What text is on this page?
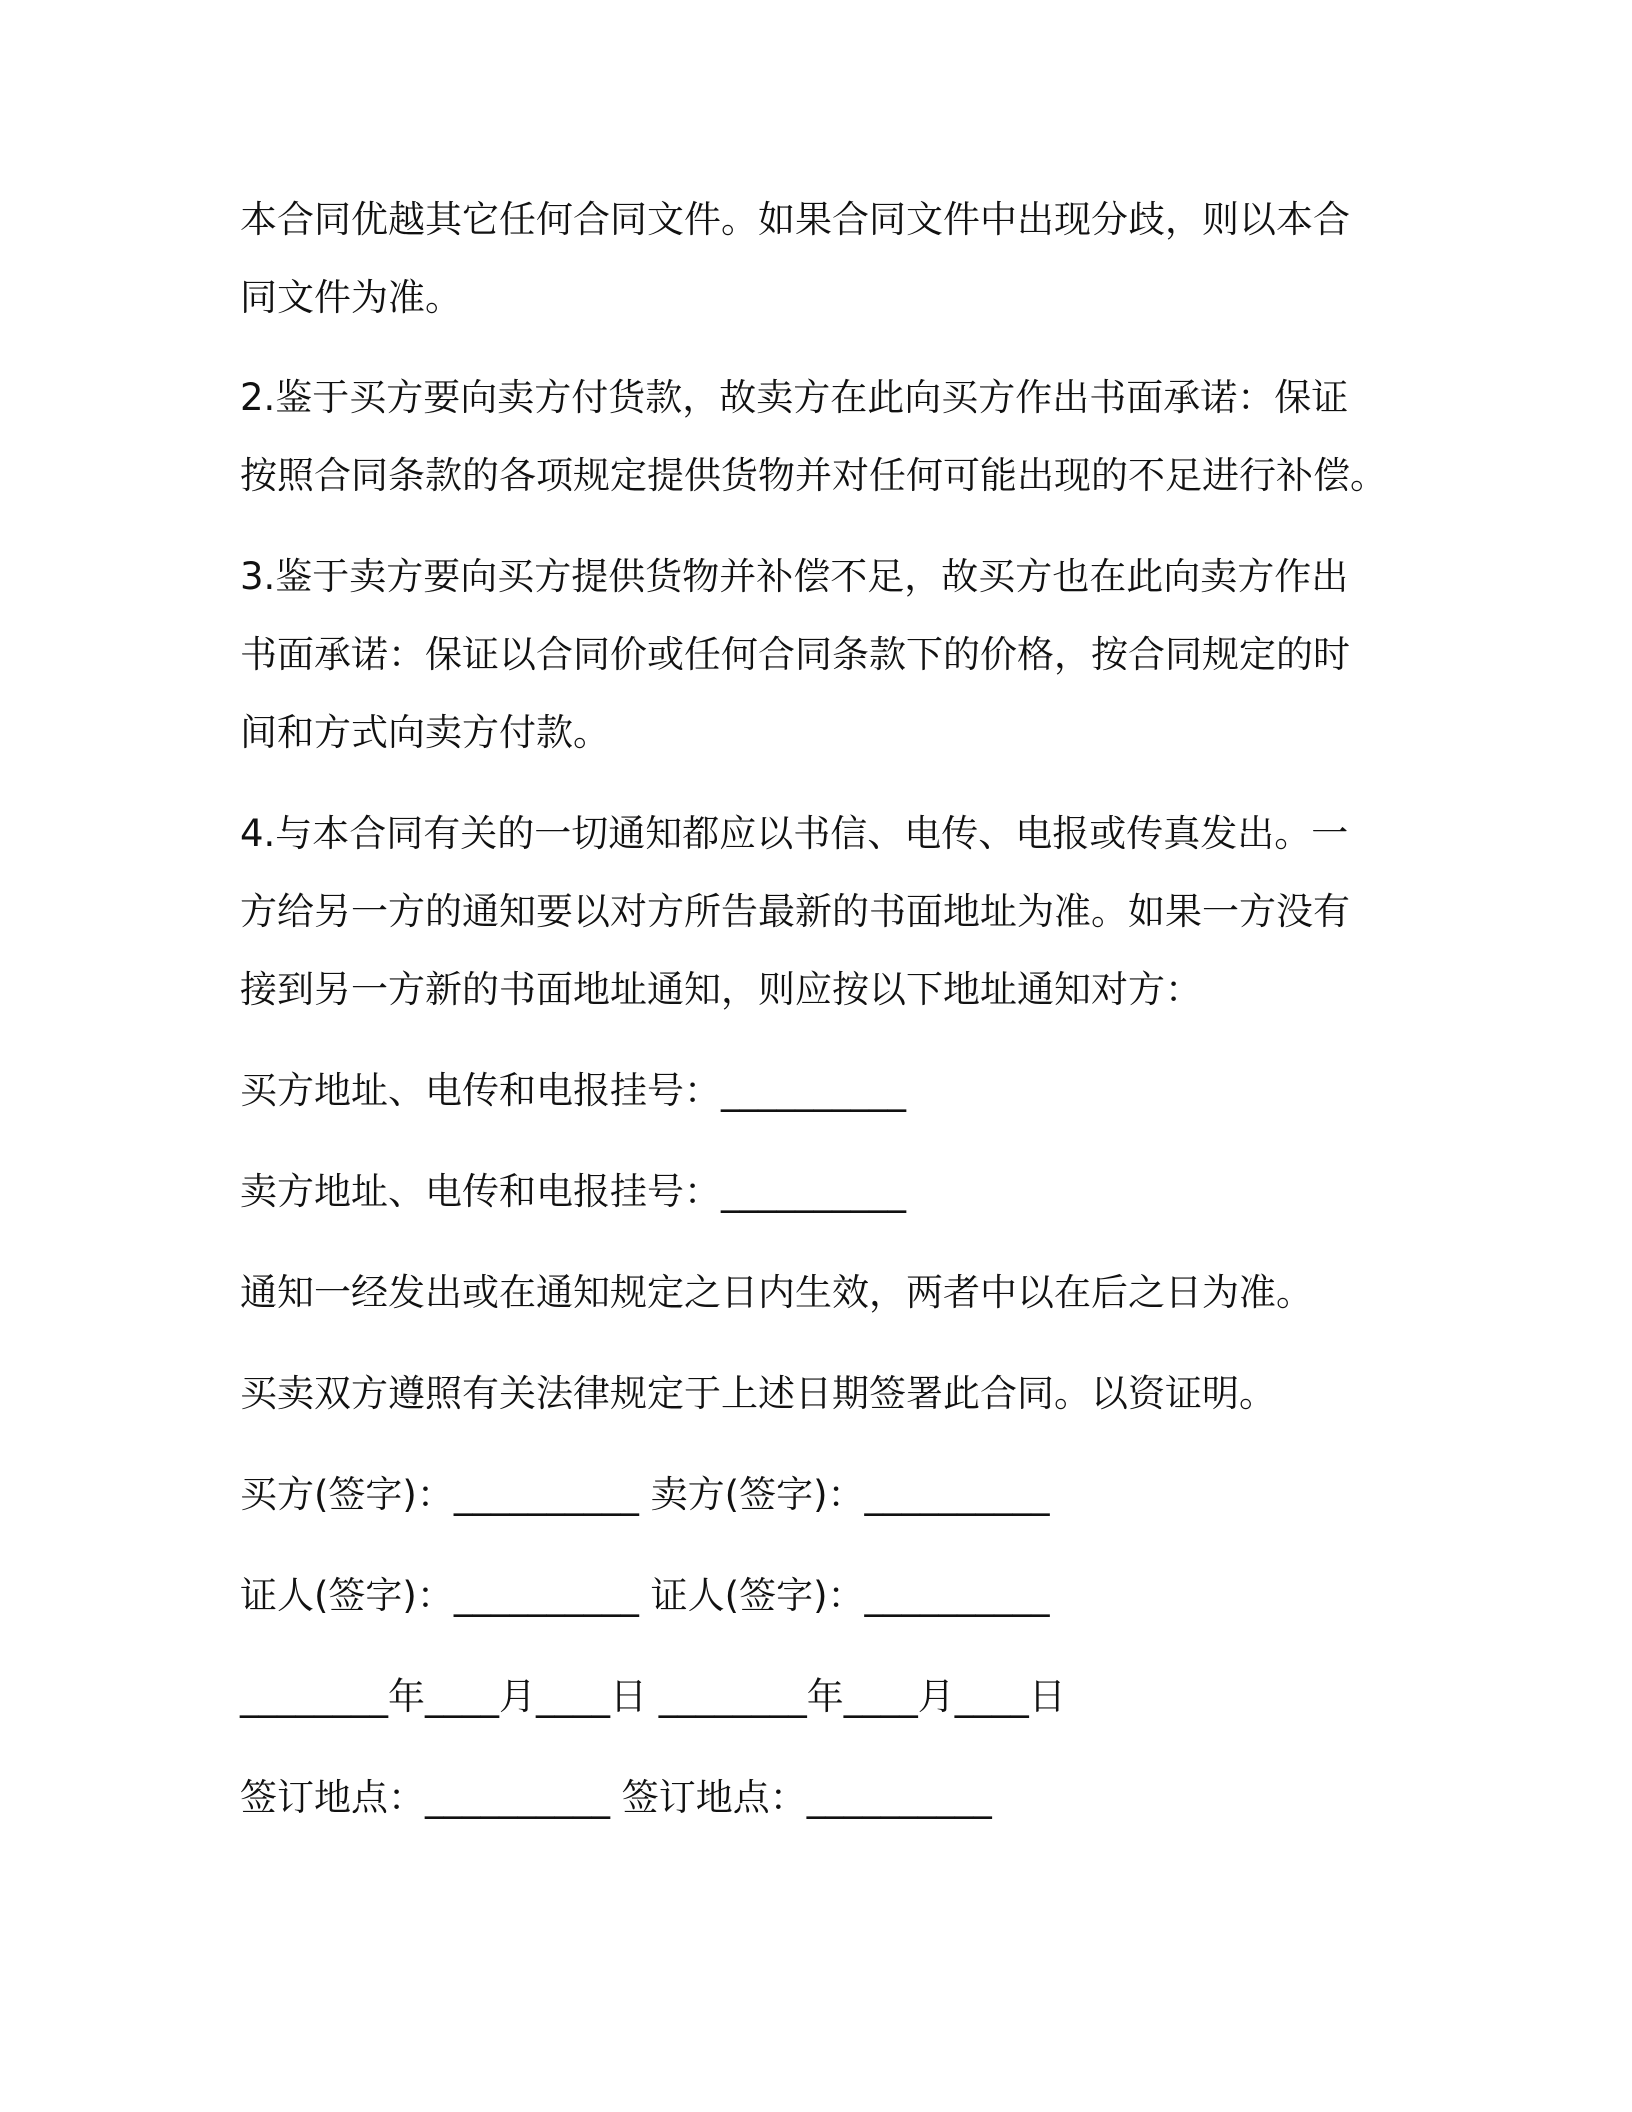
本合同优越其它任何合同文件。如果合同文件中出现分歧，则以本合
同文件为准。
2.鉴于买方要向卖方付货款，故卖方在此向买方作出书面承诺：保证
按照合同条款的各项规定提供货物并对任何可能出现的不足进行补偿。
3.鉴于卖方要向买方提供货物并补偿不足，故买方也在此向卖方作出
书面承诺：保证以合同价或任何合同条款下的价格，按合同规定的时
间和方式向卖方付款。
4.与本合同有关的一切通知都应以书信、电传、电报或传真发出。一
方给另一方的通知要以对方所告最新的书面地址为准。如果一方没有
接到另一方新的书面地址通知，则应按以下地址通知对方：
买方地址、电传和电报挂号：__________
卖方地址、电传和电报挂号：__________
通知一经发出或在通知规定之日内生效，两者中以在后之日为准。
买卖双方遵照有关法律规定于上述日期签署此合同。以资证明。
买方(签字)：__________ 卖方(签字)：__________
证人(签字)：__________ 证人(签字)：__________
________年____月____日 ________年____月____日
签订地点：__________ 签订地点：__________
